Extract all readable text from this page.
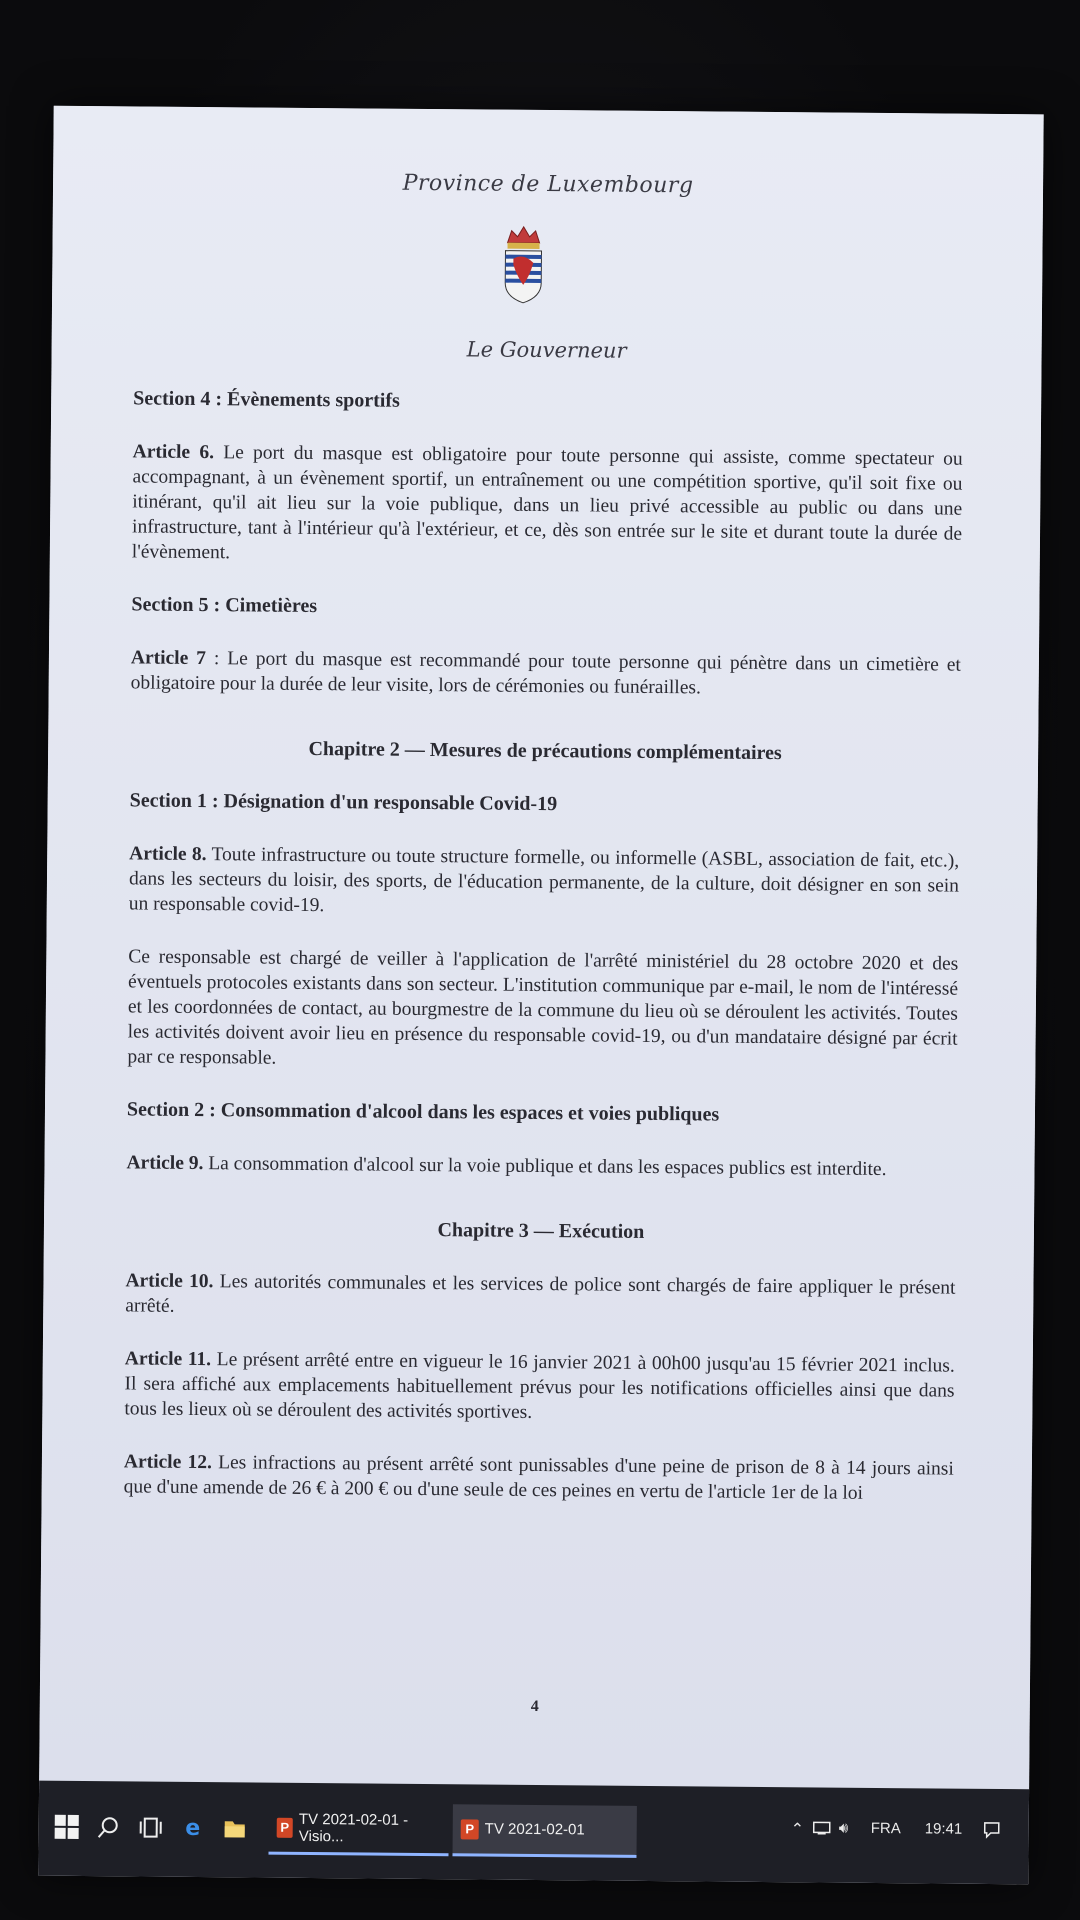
Province de Luxembourg
Le Gouverneur
Section 4 : Évènements sportifs

Article 6. Le port du masque est obligatoire pour toute personne qui assiste, comme spectateur ou accompagnant, à un évènement sportif, un entraînement ou une compétition sportive, qu'il soit fixe ou itinérant, qu'il ait lieu sur la voie publique, dans un lieu privé accessible au public ou dans une infrastructure, tant à l'intérieur qu'à l'extérieur, et ce, dès son entrée sur le site et durant toute la durée de l'évènement.

Section 5 : Cimetières

Article 7 : Le port du masque est recommandé pour toute personne qui pénètre dans un cimetière et obligatoire pour la durée de leur visite, lors de cérémonies ou funérailles.

Chapitre 2 — Mesures de précautions complémentaires
Section 1 : Désignation d'un responsable Covid-19

Article 8. Toute infrastructure ou toute structure formelle, ou informelle (ASBL, association de fait, etc.), dans les secteurs du loisir, des sports, de l'éducation permanente, de la culture, doit désigner en son sein un responsable covid-19.

Ce responsable est chargé de veiller à l'application de l'arrêté ministériel du 28 octobre 2020 et des éventuels protocoles existants dans son secteur. L'institution communique par e-mail, le nom de l'intéressé et les coordonnées de contact, au bourgmestre de la commune du lieu où se déroulent les activités. Toutes les activités doivent avoir lieu en présence du responsable covid-19, ou d'un mandataire désigné par écrit par ce responsable.

Section 2 : Consommation d'alcool dans les espaces et voies publiques

Article 9. La consommation d'alcool sur la voie publique et dans les espaces publics est interdite.

Chapitre 3 — Exécution

Article 10. Les autorités communales et les services de police sont chargés de faire appliquer le présent arrêté.

Article 11. Le présent arrêté entre en vigueur le 16 janvier 2021 à 00h00 jusqu'au 15 février 2021 inclus. Il sera affiché aux emplacements habituellement prévus pour les notifications officielles ainsi que dans tous les lieux où se déroulent des activités sportives.

Article 12. Les infractions au présent arrêté sont punissables d'une peine de prison de 8 à 14 jours ainsi que d'une amende de 26 € à 200 € ou d'une seule de ces peines en vertu de l'article 1er de la loi

4
e	P TV 2021-02-01 - Visio...	P TV 2021-02-01	⌃ 🔊︎ FRA 19:41
